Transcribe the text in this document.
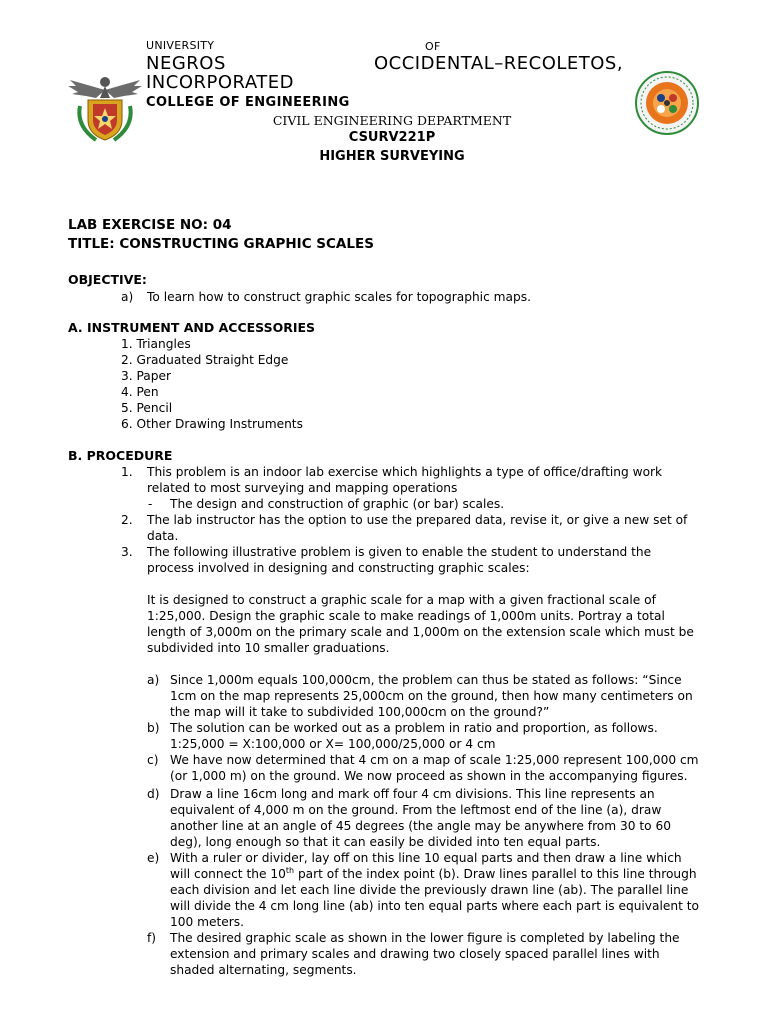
UNIVERSITY	OF
NEGROS	OCCIDENTAL–RECOLETOS,
INCORPORATED
COLLEGE OF ENGINEERING
CIVIL ENGINEERING DEPARTMENT
CSURV221P
HIGHER SURVEYING
LAB EXERCISE NO: 04
TITLE: CONSTRUCTING GRAPHIC SCALES
OBJECTIVE:
a) To learn how to construct graphic scales for topographic maps.
A. INSTRUMENT AND ACCESSORIES
1. Triangles
2. Graduated Straight Edge
3. Paper
4. Pen
5. Pencil
6. Other Drawing Instruments
B. PROCEDURE
1. This problem is an indoor lab exercise which highlights a type of office/drafting work
related to most surveying and mapping operations
- The design and construction of graphic (or bar) scales.
2. The lab instructor has the option to use the prepared data, revise it, or give a new set of
data.
3. The following illustrative problem is given to enable the student to understand the
process involved in designing and constructing graphic scales:
It is designed to construct a graphic scale for a map with a given fractional scale of
1:25,000. Design the graphic scale to make readings of 1,000m units. Portray a total
length of 3,000m on the primary scale and 1,000m on the extension scale which must be
subdivided into 10 smaller graduations.
a) Since 1,000m equals 100,000cm, the problem can thus be stated as follows: “Since
1cm on the map represents 25,000cm on the ground, then how many centimeters on
the map will it take to subdivided 100,000cm on the ground?”
b) The solution can be worked out as a problem in ratio and proportion, as follows.
1:25,000 = X:100,000 or X= 100,000/25,000 or 4 cm
c) We have now determined that 4 cm on a map of scale 1:25,000 represent 100,000 cm
(or 1,000 m) on the ground. We now proceed as shown in the accompanying figures.
d) Draw a line 16cm long and mark off four 4 cm divisions. This line represents an
equivalent of 4,000 m on the ground. From the leftmost end of the line (a), draw
another line at an angle of 45 degrees (the angle may be anywhere from 30 to 60
deg), long enough so that it can easily be divided into ten equal parts.
e) With a ruler or divider, lay off on this line 10 equal parts and then draw a line which
will connect the 10th part of the index point (b). Draw lines parallel to this line through
each division and let each line divide the previously drawn line (ab). The parallel line
will divide the 4 cm long line (ab) into ten equal parts where each part is equivalent to
100 meters.
f) The desired graphic scale as shown in the lower figure is completed by labeling the
extension and primary scales and drawing two closely spaced parallel lines with
shaded alternating, segments.
